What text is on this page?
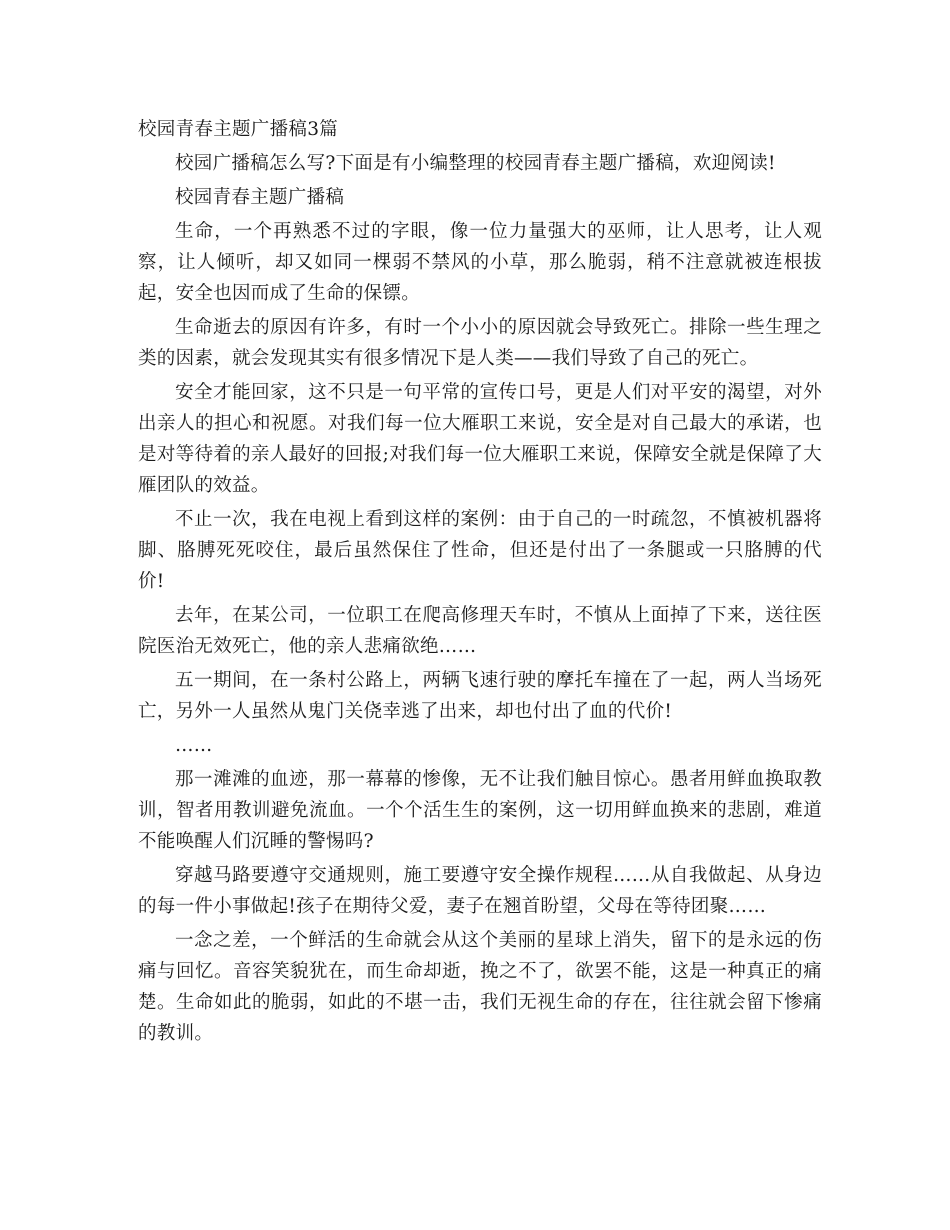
校园青春主题广播稿3篇

校园广播稿怎么写?下面是有小编整理的校园青春主题广播稿，欢迎阅读!

校园青春主题广播稿

生命，一个再熟悉不过的字眼，像一位力量强大的巫师，让人思考，让人观察，让人倾听，却又如同一棵弱不禁风的小草，那么脆弱，稍不注意就被连根拔起，安全也因而成了生命的保镖。

生命逝去的原因有许多，有时一个小小的原因就会导致死亡。排除一些生理之类的因素，就会发现其实有很多情况下是人类——我们导致了自己的死亡。

安全才能回家，这不只是一句平常的宣传口号，更是人们对平安的渴望，对外出亲人的担心和祝愿。对我们每一位大雁职工来说，安全是对自己最大的承诺，也是对等待着的亲人最好的回报;对我们每一位大雁职工来说，保障安全就是保障了大雁团队的效益。

不止一次，我在电视上看到这样的案例：由于自己的一时疏忽，不慎被机器将脚、胳膊死死咬住，最后虽然保住了性命，但还是付出了一条腿或一只胳膊的代价!

去年，在某公司，一位职工在爬高修理天车时，不慎从上面掉了下来，送往医院医治无效死亡，他的亲人悲痛欲绝……

五一期间，在一条村公路上，两辆飞速行驶的摩托车撞在了一起，两人当场死亡，另外一人虽然从鬼门关侥幸逃了出来，却也付出了血的代价!

……

那一滩滩的血迹，那一幕幕的惨像，无不让我们触目惊心。愚者用鲜血换取教训，智者用教训避免流血。一个个活生生的案例，这一切用鲜血换来的悲剧，难道不能唤醒人们沉睡的警惕吗?

穿越马路要遵守交通规则，施工要遵守安全操作规程……从自我做起、从身边的每一件小事做起!孩子在期待父爱，妻子在翘首盼望，父母在等待团聚……

一念之差，一个鲜活的生命就会从这个美丽的星球上消失，留下的是永远的伤痛与回忆。音容笑貌犹在，而生命却逝，挽之不了，欲罢不能，这是一种真正的痛楚。生命如此的脆弱，如此的不堪一击，我们无视生命的存在，往往就会留下惨痛的教训。
